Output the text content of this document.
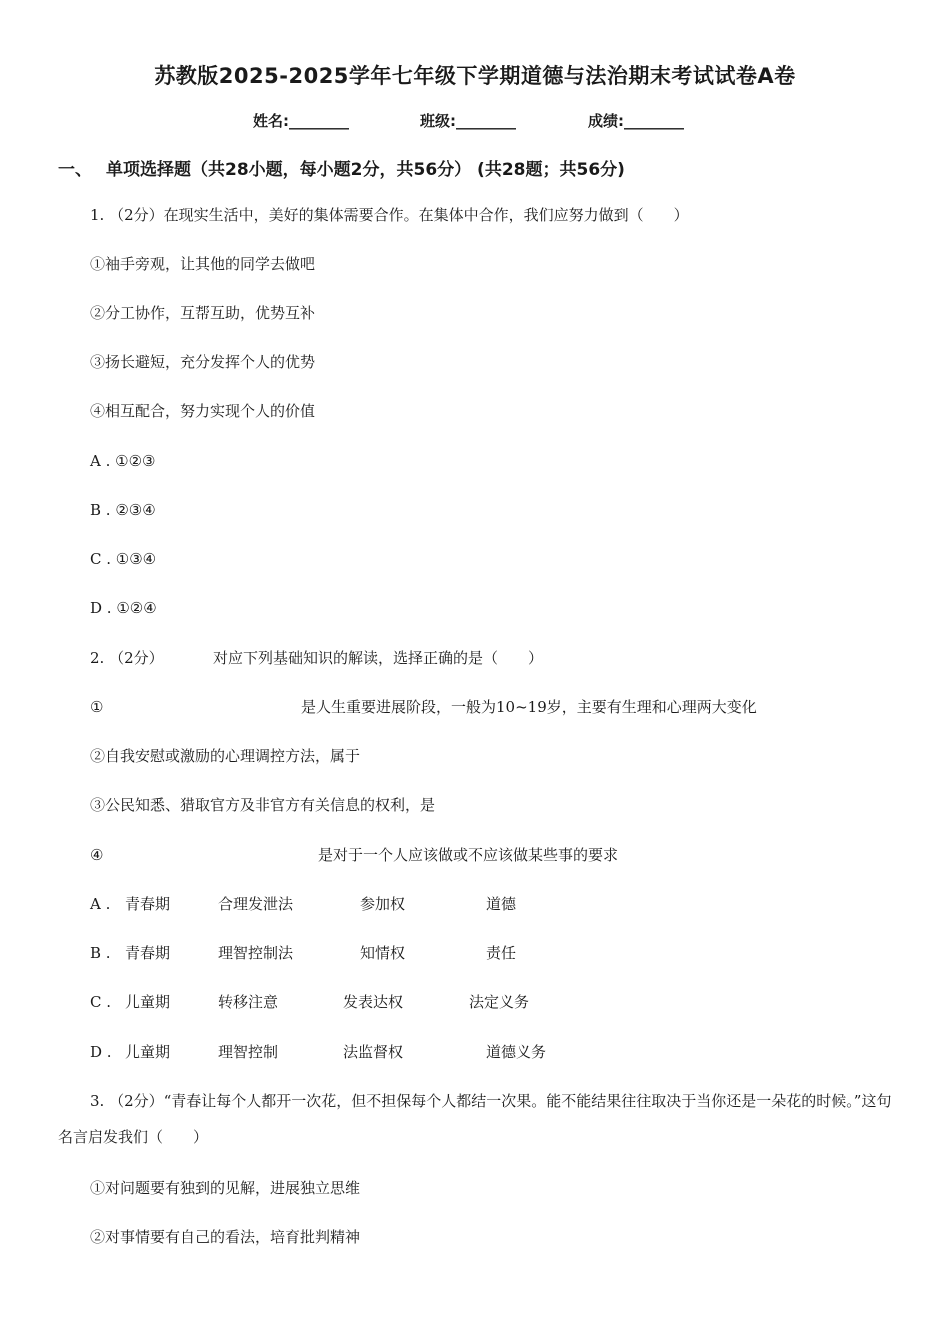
苏教版2025-2025学年七年级下学期道德与法治期末考试试卷A卷
姓名:________	班级:________	成绩:________
一、 单项选择题（共28小题，每小题2分，共56分） (共28题；共56分)
1. （2分）在现实生活中，美好的集体需要合作。在集体中合作，我们应努力做到（　　）
①袖手旁观，让其他的同学去做吧
②分工协作，互帮互助，优势互补
③扬长避短，充分发挥个人的优势
④相互配合，努力实现个人的价值
A . ①②③
B . ②③④
C . ①③④
D . ①②④
2. （2分）	对应下列基础知识的解读，选择正确的是（　　）
①	是人生重要进展阶段，一般为10~19岁，主要有生理和心理两大变化
②自我安慰或激励的心理调控方法，属于
③公民知悉、猎取官方及非官方有关信息的权利，是
④	是对于一个人应该做或不应该做某些事的要求
A . 青春期	合理发泄法	参加权	道德
B . 青春期	理智控制法	知情权	责任
C . 儿童期	转移注意	发表达权	法定义务
D . 儿童期	理智控制	法监督权	道德义务
3. （2分）“青春让每个人都开一次花，但不担保每个人都结一次果。能不能结果往往取决于当你还是一朵花的时候。”这句名言启发我们（　　）
①对问题要有独到的见解，进展独立思维
②对事情要有自己的看法，培育批判精神
